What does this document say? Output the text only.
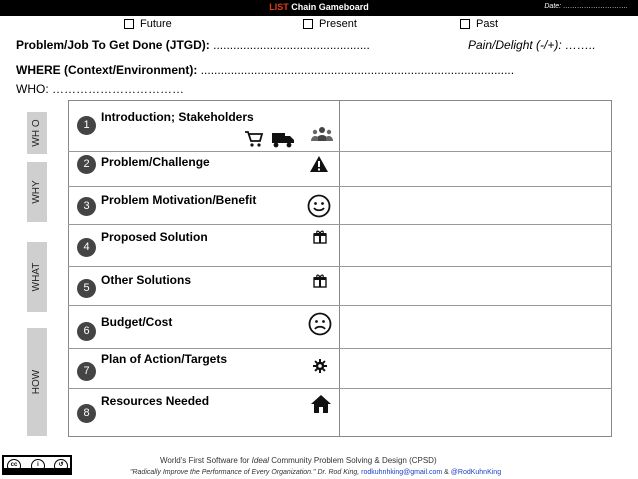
LIST Chain Gameboard	Date: ……………………….
Future	Present	Past
Problem/Job To Get Done (JTGD): ...............................................	Pain/Delight (-/+): ……..
WHERE (Context/Environment): ..............................................................................................
WHO: ……………………………
WH O
WHY
WHAT
HOW
1
Introduction; Stakeholders
2 Problem/Challenge
3 Problem Motivation/Benefit
4
Proposed Solution
5
Other Solutions
6
Budget/Cost
7
Plan of Action/Targets
8
Resources Needed
cc	i	↺	World's First Software for Ideal Community Problem Solving & Design (CPSD)
"Radically Improve the Performance of Every Organization." Dr. Rod King, rodkuhnhking@gmail.com & @RodKuhnKing
